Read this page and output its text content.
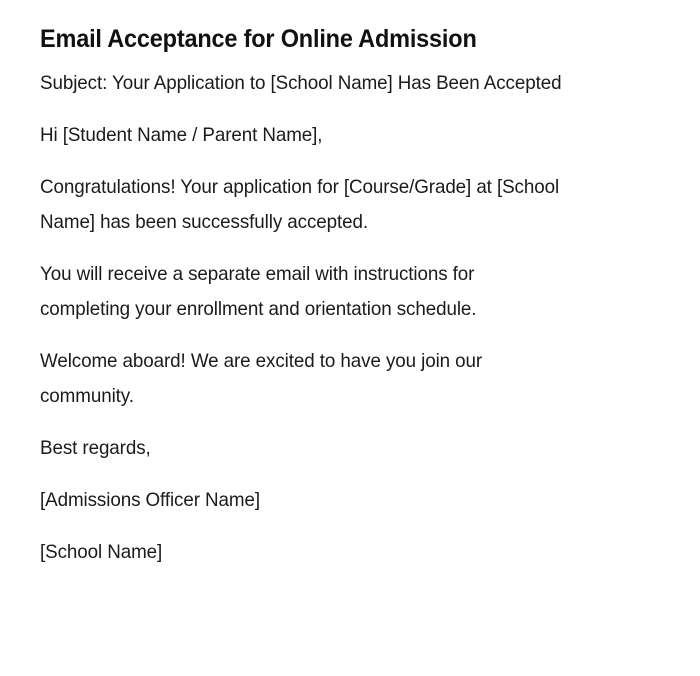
Email Acceptance for Online Admission

Subject: Your Application to [School Name] Has Been Accepted

Hi [Student Name / Parent Name],

Congratulations! Your application for [Course/Grade] at [School Name] has been successfully accepted.

You will receive a separate email with instructions for completing your enrollment and orientation schedule.

Welcome aboard! We are excited to have you join our community.

Best regards,

[Admissions Officer Name]

[School Name]
